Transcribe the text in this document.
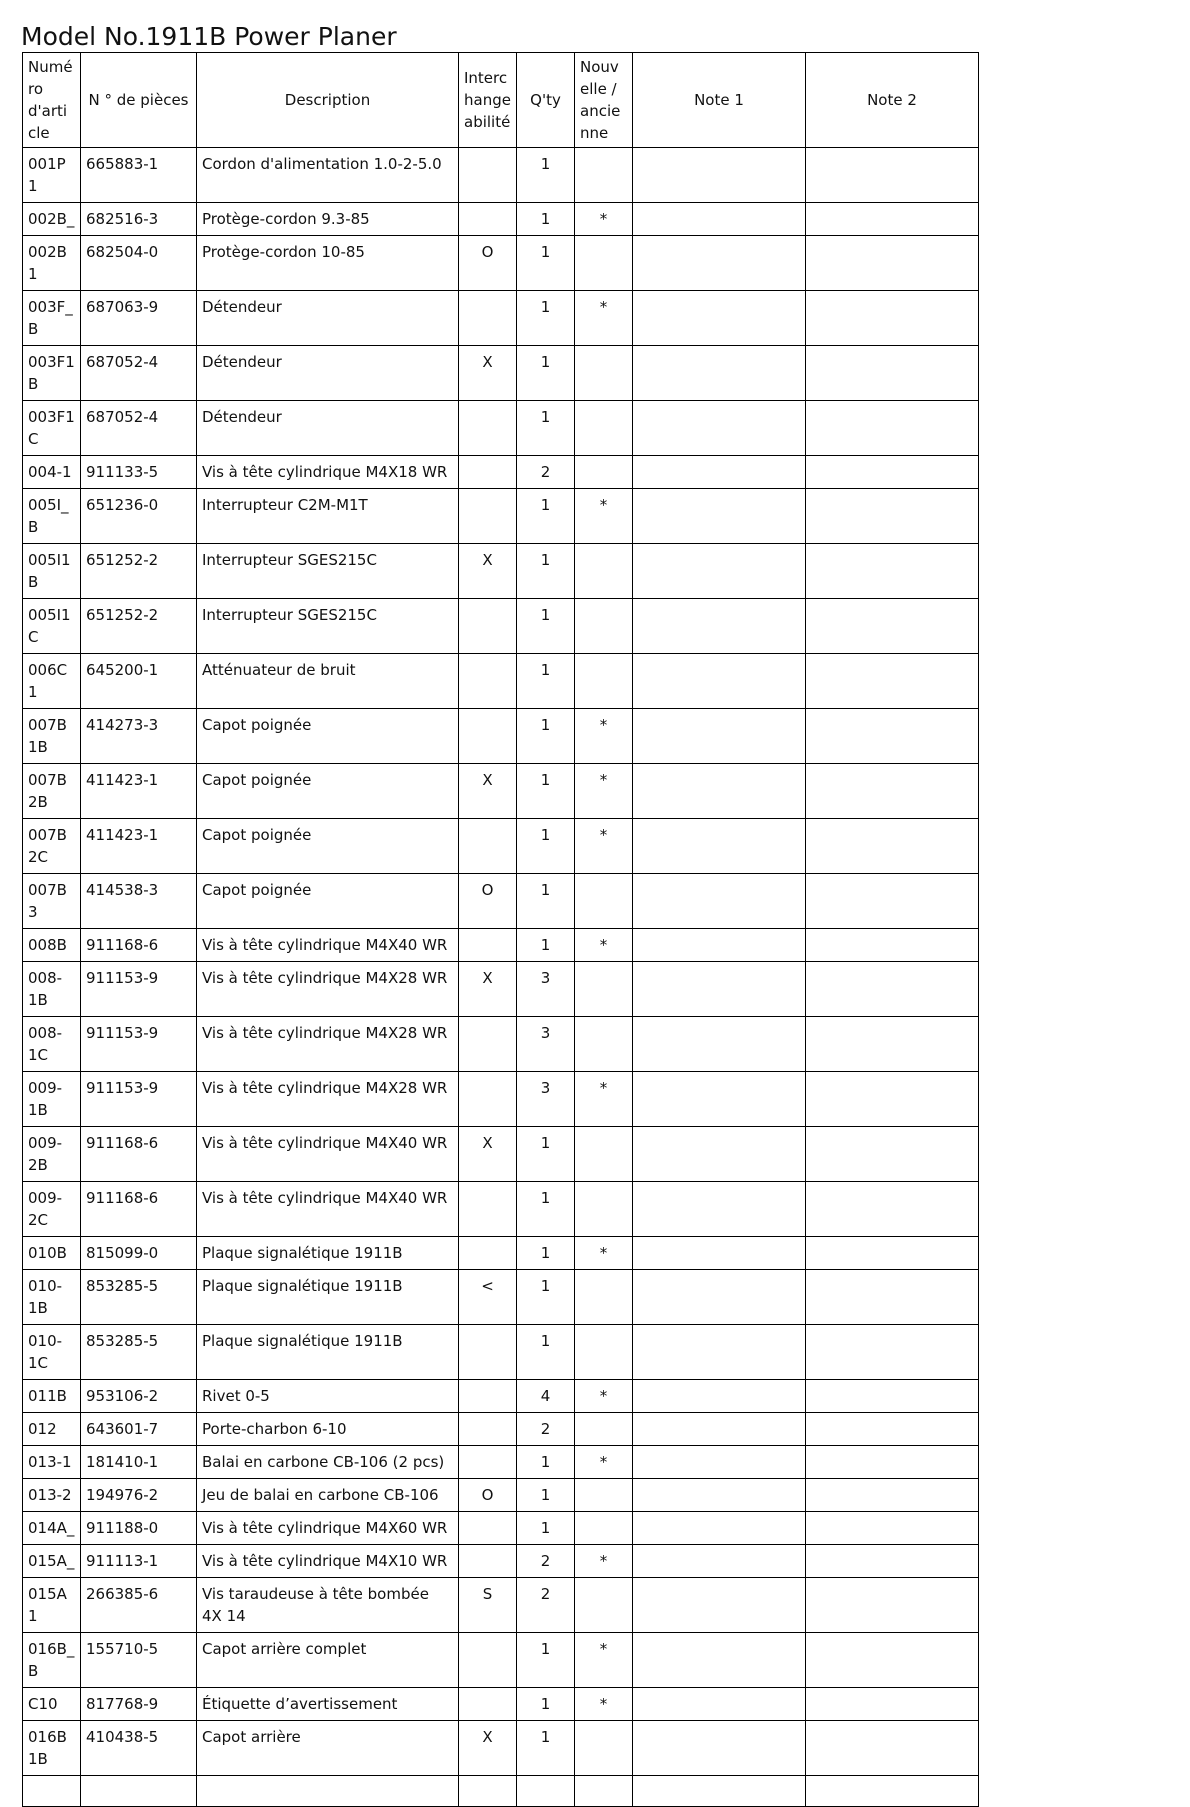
Model No.1911B Power Planer
Numéro d'article	N ° de pièces	Description	Interchangeabilité	Q'ty	Nouvelle / ancienne	Note 1	Note 2
001P1	665883-1	Cordon d'alimentation 1.0-2-5.0		1			
002B_	682516-3	Protège-cordon 9.3-85		1	*		
002B1	682504-0	Protège-cordon 10-85	O	1			
003F_B	687063-9	Détendeur		1	*		
003F1B	687052-4	Détendeur	X	1			
003F1C	687052-4	Détendeur		1			
004-1	911133-5	Vis à tête cylindrique M4X18 WR		2			
005I_B	651236-0	Interrupteur C2M-M1T		1	*		
005I1B	651252-2	Interrupteur SGES215C	X	1			
005I1C	651252-2	Interrupteur SGES215C		1			
006C1	645200-1	Atténuateur de bruit		1			
007B1B	414273-3	Capot poignée		1	*		
007B2B	411423-1	Capot poignée	X	1	*		
007B2C	411423-1	Capot poignée		1	*		
007B3	414538-3	Capot poignée	O	1			
008B	911168-6	Vis à tête cylindrique M4X40 WR		1	*		
008-1B	911153-9	Vis à tête cylindrique M4X28 WR	X	3			
008-1C	911153-9	Vis à tête cylindrique M4X28 WR		3			
009-1B	911153-9	Vis à tête cylindrique M4X28 WR		3	*		
009-2B	911168-6	Vis à tête cylindrique M4X40 WR	X	1			
009-2C	911168-6	Vis à tête cylindrique M4X40 WR		1			
010B	815099-0	Plaque signalétique 1911B		1	*		
010-1B	853285-5	Plaque signalétique 1911B	<	1			
010-1C	853285-5	Plaque signalétique 1911B		1			
011B	953106-2	Rivet 0-5		4	*		
012	643601-7	Porte-charbon 6-10		2			
013-1	181410-1	Balai en carbone CB-106 (2 pcs)		1	*		
013-2	194976-2	Jeu de balai en carbone CB-106	O	1			
014A_	911188-0	Vis à tête cylindrique M4X60 WR		1			
015A_	911113-1	Vis à tête cylindrique M4X10 WR		2	*		
015A1	266385-6	Vis taraudeuse à tête bombée 4X 14	S	2			
016B_B	155710-5	Capot arrière complet		1	*		
C10	817768-9	Étiquette d’avertissement		1	*		
016B1B	410438-5	Capot arrière	X	1			
